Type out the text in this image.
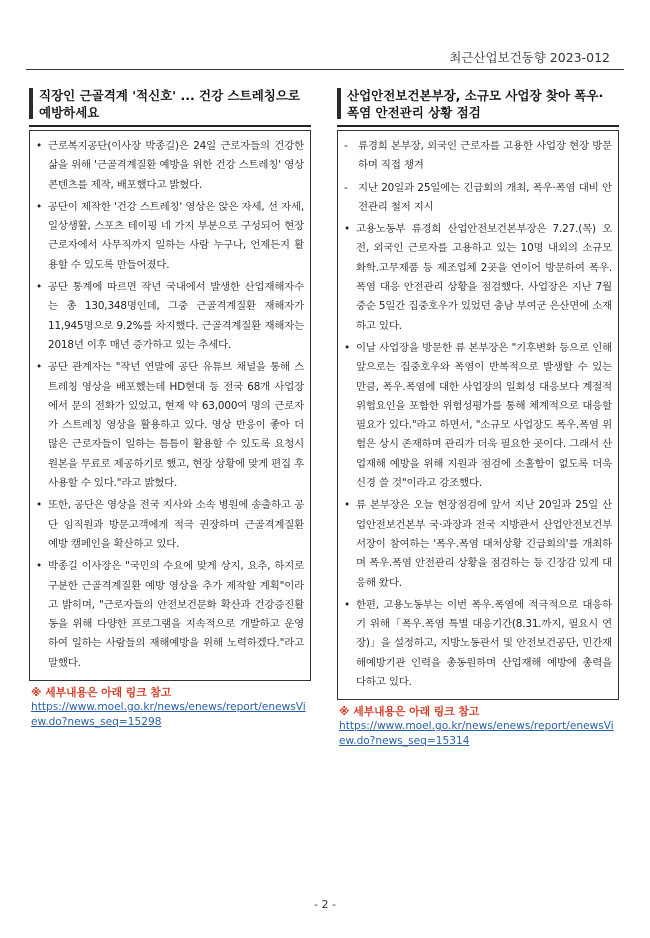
최근산업보건동향 2023-012
직장인 근골격계 '적신호' ... 건강 스트레칭으로 예방하세요
• 근로복지공단(이사장 박종길)은 24일 근로자들의 건강한 삶을 위해 '근골격계질환 예방을 위한 건강 스트레칭' 영상 콘텐츠를 제작, 배포했다고 밝혔다.
• 공단이 제작한 '건강 스트레칭' 영상은 앉은 자세, 선 자세, 일상생활, 스포츠 테이핑 네 가지 부분으로 구성되어 현장 근로자에서 사무직까지 일하는 사람 누구나, 언제든지 활용할 수 있도록 만들어졌다.
• 공단 통계에 따르면 작년 국내에서 발생한 산업재해자수는 총 130,348명인데, 그중 근골격계질환 재해자가 11,945명으로 9.2%를 차지했다. 근골격계질환 재해자는 2018년 이후 매년 증가하고 있는 추세다.
• 공단 관계자는 "작년 연말에 공단 유튜브 채널을 통해 스트레칭 영상을 배포했는데 HD현대 등 전국 68개 사업장에서 문의 전화가 있었고, 현재 약 63,000여 명의 근로자가 스트레칭 영상을 활용하고 있다. 영상 반응이 좋아 더 많은 근로자들이 일하는 틈틈이 활용할 수 있도록 요청시 원본을 무료로 제공하기로 했고, 현장 상황에 맞게 편집 후 사용할 수 있다."라고 밝혔다.
• 또한, 공단은 영상을 전국 지사와 소속 병원에 송출하고 공단 임직원과 방문고객에게 적극 권장하며 근골격계질환 예방 캠페인을 확산하고 있다.
• 박종길 이사장은 "국민의 수요에 맞게 상지, 요추, 하지로 구분한 근골격계질환 예방 영상을 추가 제작할 계획"이라고 밝히며, "근로자들의 안전보건문화 확산과 건강증진활동을 위해 다양한 프로그램을 지속적으로 개발하고 운영하여 일하는 사람들의 재해예방을 위해 노력하겠다."라고 말했다.
※ 세부내용은 아래 링크 참고
https://www.moel.go.kr/news/enews/report/enewsView.do?news_seq=15298
산업안전보건본부장, 소규모 사업장 찾아 폭우·폭염 안전관리 상황 점검
- 류경희 본부장, 외국인 근로자를 고용한 사업장 현장 방문하며 직접 챙겨
- 지난 20일과 25일에는 긴급회의 개최, 폭우·폭염 대비 안전관리 철저 지시
• 고용노동부 류경희 산업안전보건본부장은 7.27.(목) 오전, 외국인 근로자를 고용하고 있는 10명 내외의 소규모 화학.고무제품 등 제조업체 2곳을 연이어 방문하여 폭우.폭염 대응 안전관리 상황을 점검했다. 사업장은 지난 7월 중순 5일간 집중호우가 있었던 충남 부여군 은산면에 소재하고 있다.
• 이날 사업장을 방문한 류 본부장은 "기후변화 등으로 인해 앞으로는 집중호우와 폭염이 반복적으로 발생할 수 있는 만큼, 폭우.폭염에 대한 사업장의 일회성 대응보다 계절적 위험요인을 포함한 위험성평가를 통해 체계적으로 대응할 필요가 있다."라고 하면서, "소규모 사업장도 폭우.폭염 위험은 상시 존재하며 관리가 더욱 필요한 곳이다. 그래서 산업재해 예방을 위해 지원과 점검에 소홀함이 없도록 더욱 신경 쓸 것"이라고 강조했다.
• 류 본부장은 오늘 현장점검에 앞서 지난 20일과 25일 산업안전보건본부 국·과장과 전국 지방관서 산업안전보건부서장이 참여하는 '폭우.폭염 대처상황 긴급회의'를 개최하며 폭우.폭염 안전관리 상황을 점검하는 등 긴장감 있게 대응해 왔다.
• 한편, 고용노동부는 이번 폭우.폭염에 적극적으로 대응하기 위해「폭우.폭염 특별 대응기간(8.31.까지, 필요시 연장)」을 설정하고, 지방노동관서 및 안전보건공단, 민간재해예방기관 인력을 총동원하며 산업재해 예방에 총력을 다하고 있다.
※ 세부내용은 아래 링크 참고
https://www.moel.go.kr/news/enews/report/enewsView.do?news_seq=15314
- 2 -
